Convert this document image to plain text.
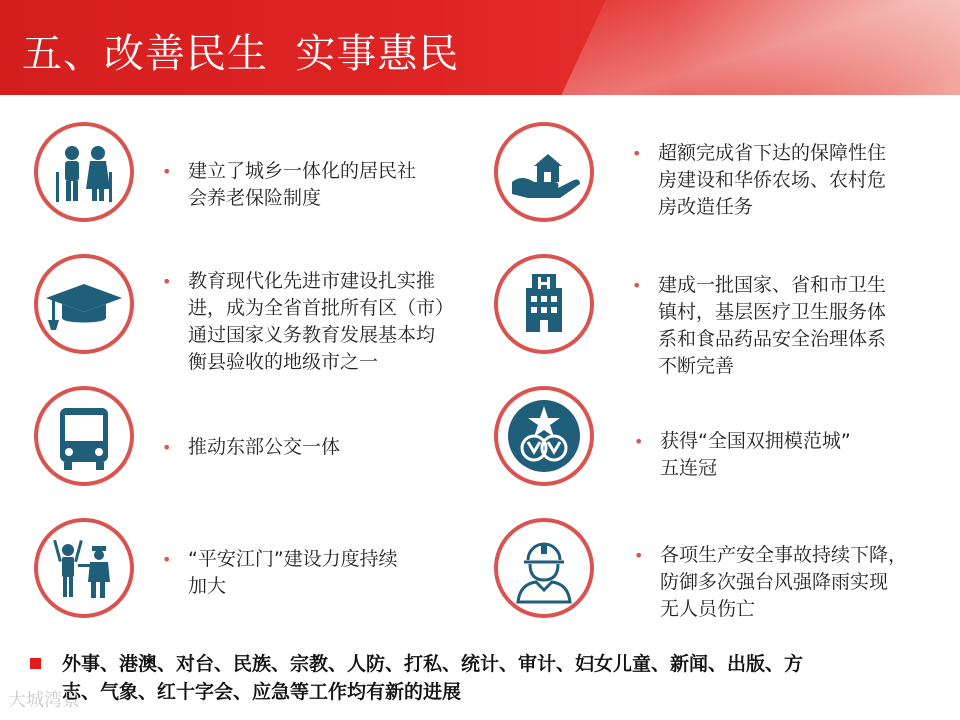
五、改善民生  实事惠民
• 建立了城乡一体化的居民社
会养老保险制度
• 超额完成省下达的保障性住
房建设和华侨农场、农村危
房改造任务
• 教育现代化先进市建设扎实推
进，成为全省首批所有区（市）
通过国家义务教育发展基本均
衡县验收的地级市之一
• 建成一批国家、省和市卫生
镇村，基层医疗卫生服务体
系和食品药品安全治理体系
不断完善
• 推动东部公交一体	• 获得“全国双拥模范城”
五连冠
• “平安江门”建设力度持续
加大
• 各项生产安全事故持续下降，
防御多次强台风强降雨实现
无人员伤亡
外事、港澳、对台、民族、宗教、人防、打私、统计、审计、妇女儿童、新闻、出版、方
志、气象、红十字会、应急等工作均有新的进展
大城湾景
